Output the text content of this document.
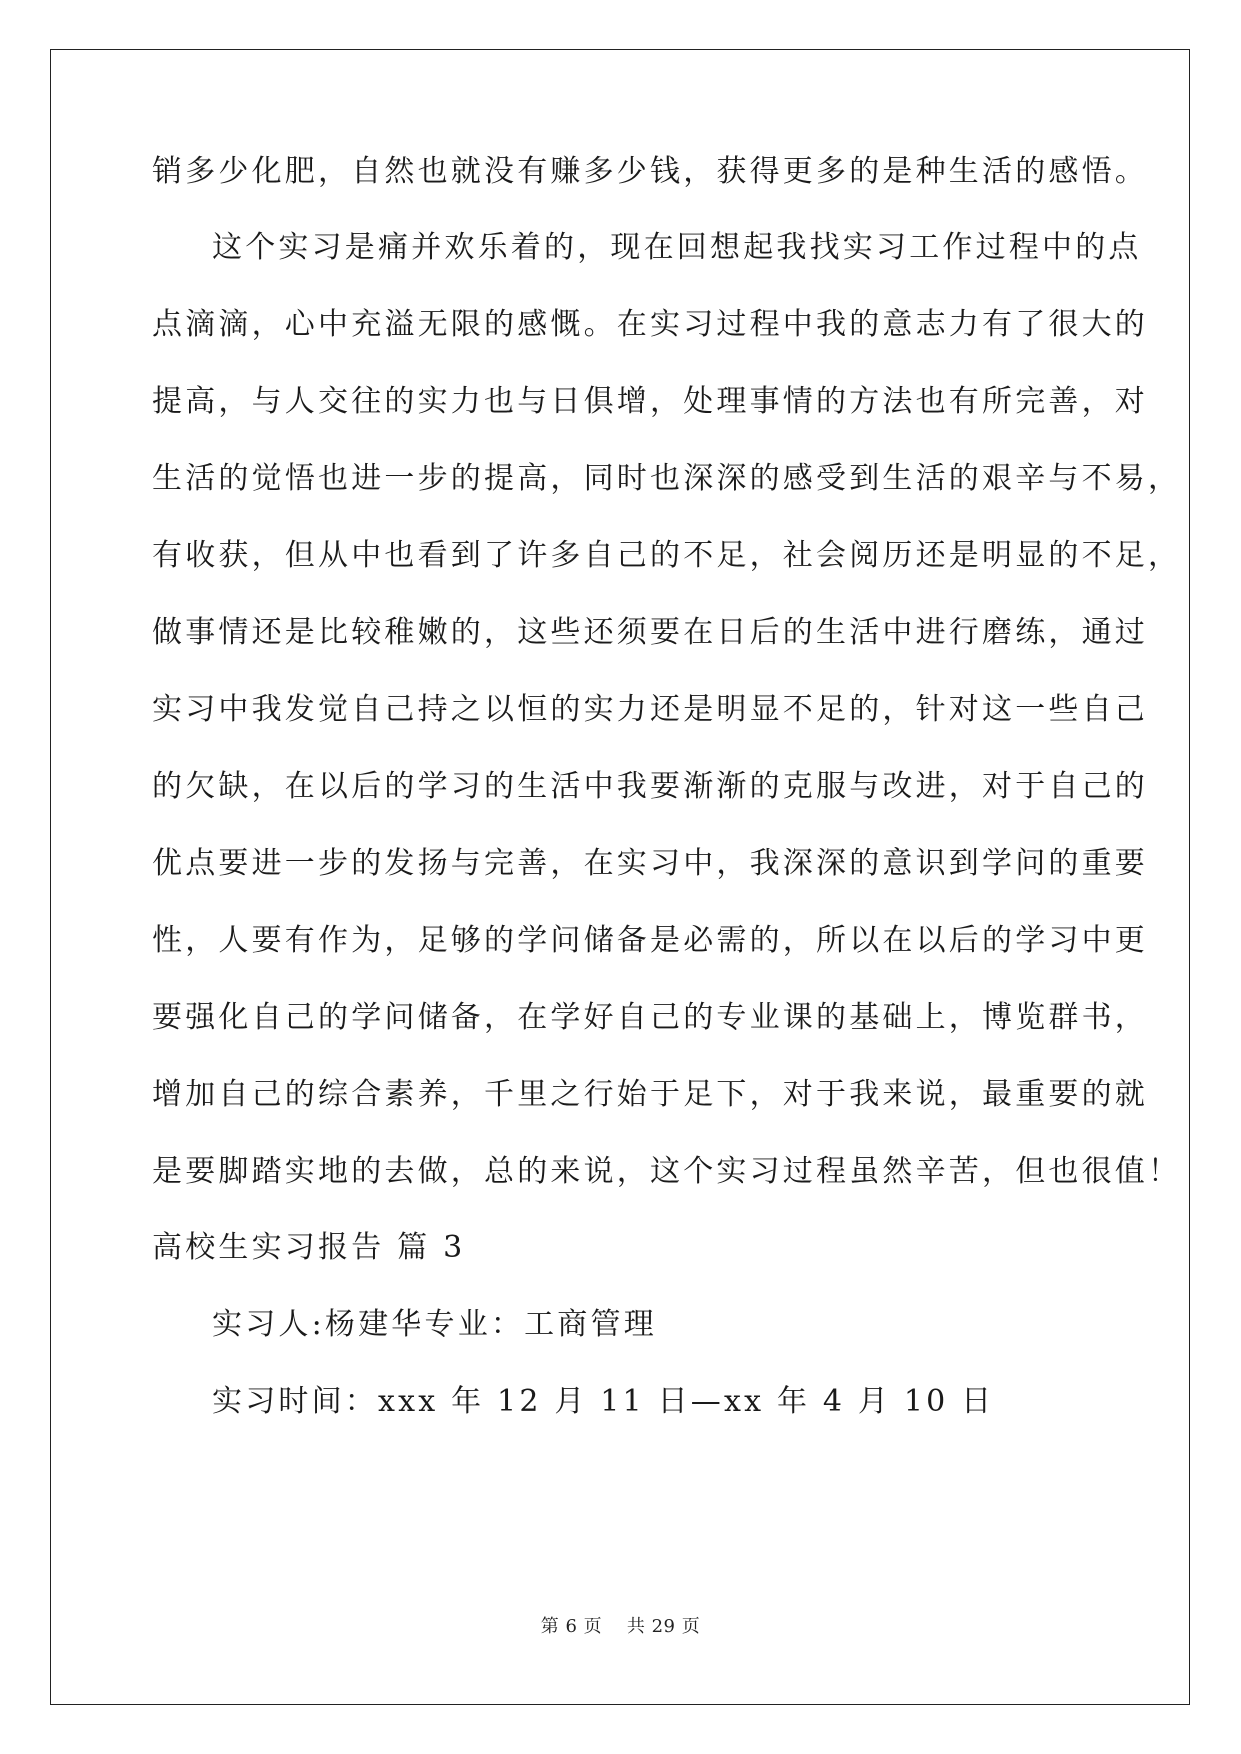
销多少化肥，自然也就没有赚多少钱，获得更多的是种生活的感悟。
这个实习是痛并欢乐着的，现在回想起我找实习工作过程中的点
点滴滴，心中充溢无限的感慨。在实习过程中我的意志力有了很大的
提高，与人交往的实力也与日俱增，处理事情的方法也有所完善，对
生活的觉悟也进一步的提高，同时也深深的感受到生活的艰辛与不易，
有收获，但从中也看到了许多自己的不足，社会阅历还是明显的不足，
做事情还是比较稚嫩的，这些还须要在日后的生活中进行磨练，通过
实习中我发觉自己持之以恒的实力还是明显不足的，针对这一些自己
的欠缺，在以后的学习的生活中我要渐渐的克服与改进，对于自己的
优点要进一步的发扬与完善，在实习中，我深深的意识到学问的重要
性，人要有作为，足够的学问储备是必需的，所以在以后的学习中更
要强化自己的学问储备，在学好自己的专业课的基础上，博览群书，
增加自己的综合素养，千里之行始于足下，对于我来说，最重要的就
是要脚踏实地的去做，总的来说，这个实习过程虽然辛苦，但也很值！
高校生实习报告 篇 3
实习人:杨建华专业：工商管理
实习时间：xxx 年 12 月 11 日—xx 年 4 月 10 日
第 6 页　 共 29 页
